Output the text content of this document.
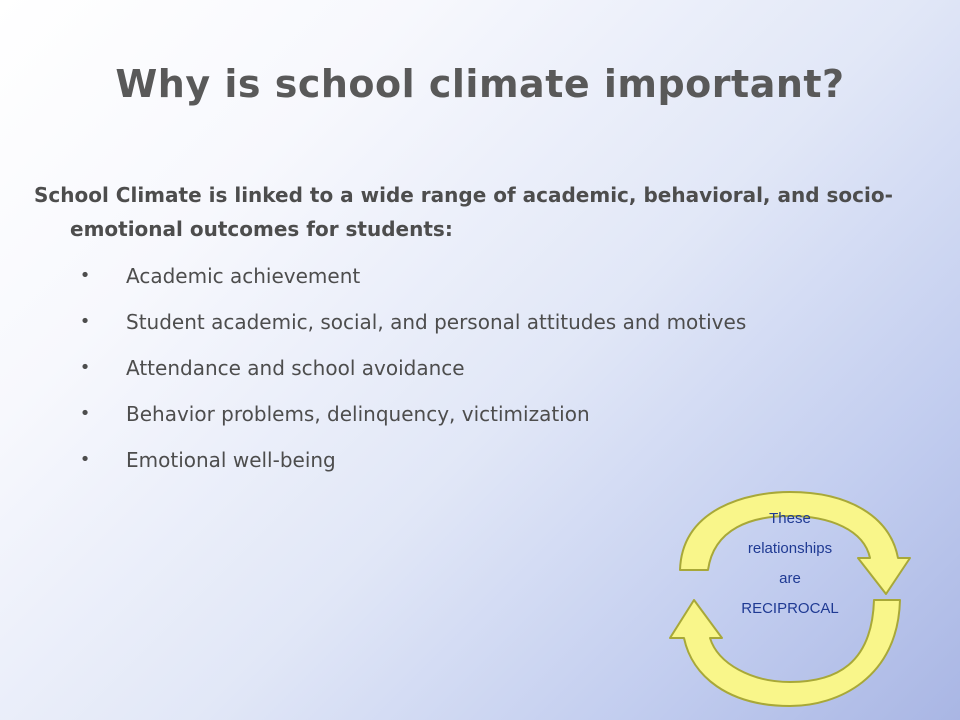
Why is school climate important?

School Climate is linked to a wide range of academic, behavioral, and socio-emotional outcomes for students:

• Academic achievement
• Student academic, social, and personal attitudes and motives
• Attendance and school avoidance
• Behavior problems, delinquency, victimization
• Emotional well-being
These
relationships
are
RECIPROCAL
